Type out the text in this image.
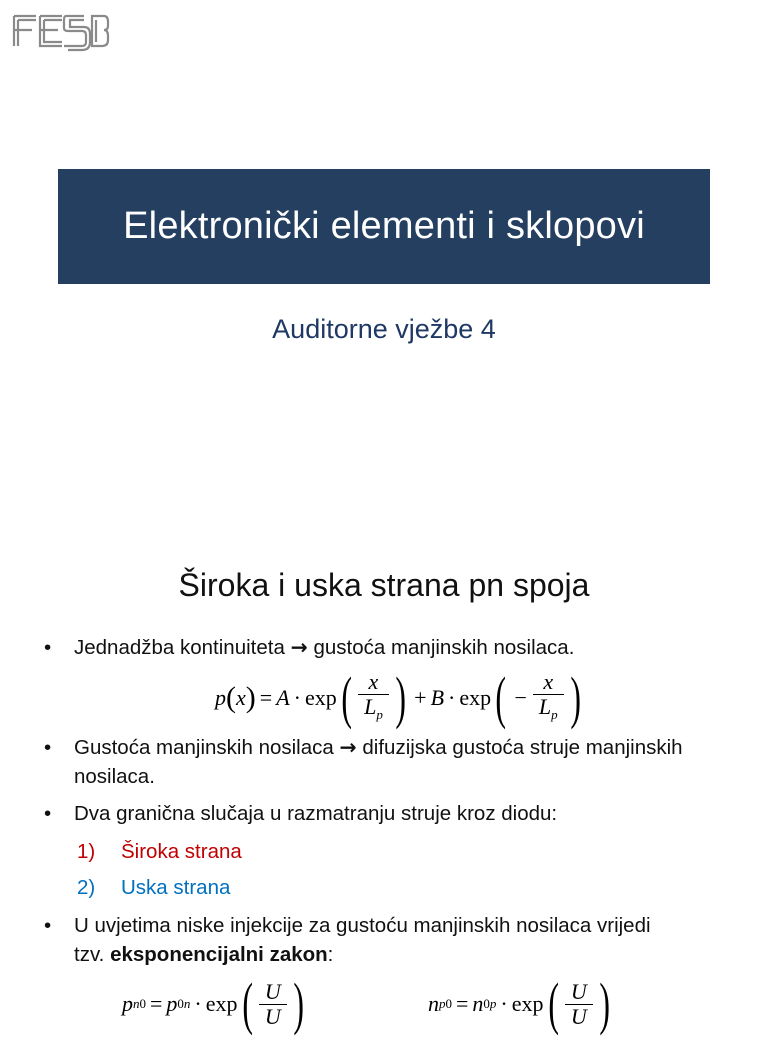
Elektronički elementi i sklopovi
Auditorne vježbe 4
Široka i uska strana pn spoja
• Jednadžba kontinuiteta → gustoća manjinskih nosilaca.
p ( x ) = A · exp ( $\frac{x}{L_p}$ ) + B · exp ( − $\frac{x}{L_p}$ )
• Gustoća manjinskih nosilaca → difuzijska gustoća struje manjinskih nosilaca.
• Dva granična slučaja u razmatranju struje kroz diodu:
1) Široka strana
2) Uska strana
• U uvjetima niske injekcije za gustoću manjinskih nosilaca vrijedi tzv. eksponencijalni zakon:
p n0 = p 0n · exp ( $\frac{U}{U}$ )	n p0 = n 0p · exp ( $\frac{U}{U}$ )
